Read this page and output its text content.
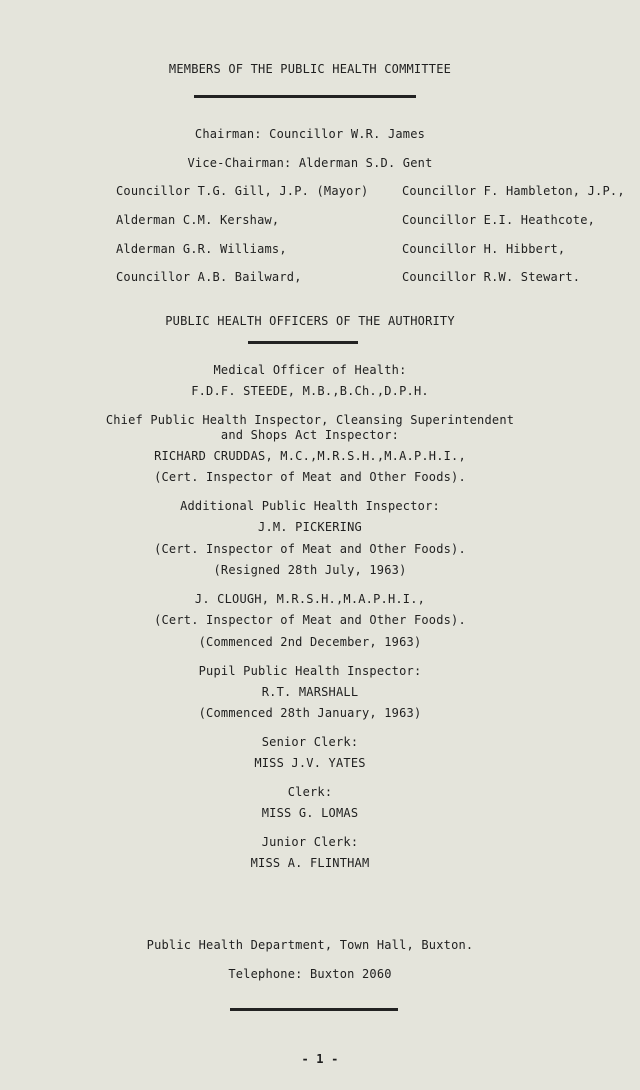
MEMBERS OF THE PUBLIC HEALTH COMMITTEE
Chairman: Councillor W.R. James
Vice-Chairman: Alderman S.D. Gent
Councillor T.G. Gill, J.P. (Mayor)
Alderman C.M. Kershaw,
Alderman G.R. Williams,
Councillor A.B. Bailward,
Councillor F. Hambleton, J.P.,
Councillor E.I. Heathcote,
Councillor H. Hibbert,
Councillor R.W. Stewart.
PUBLIC HEALTH OFFICERS OF THE AUTHORITY
Medical Officer of Health:
F.D.F. STEEDE, M.B.,B.Ch.,D.P.H.
Chief Public Health Inspector, Cleansing Superintendent
and Shops Act Inspector:
RICHARD CRUDDAS, M.C.,M.R.S.H.,M.A.P.H.I.,
(Cert. Inspector of Meat and Other Foods).
Additional Public Health Inspector:
J.M. PICKERING
(Cert. Inspector of Meat and Other Foods).
(Resigned 28th July, 1963)
J. CLOUGH, M.R.S.H.,M.A.P.H.I.,
(Cert. Inspector of Meat and Other Foods).
(Commenced 2nd December, 1963)
Pupil Public Health Inspector:
R.T. MARSHALL
(Commenced 28th January, 1963)
Senior Clerk:
MISS J.V. YATES
Clerk:
MISS G. LOMAS
Junior Clerk:
MISS A. FLINTHAM
Public Health Department, Town Hall, Buxton.
Telephone: Buxton 2060
- 1 -
